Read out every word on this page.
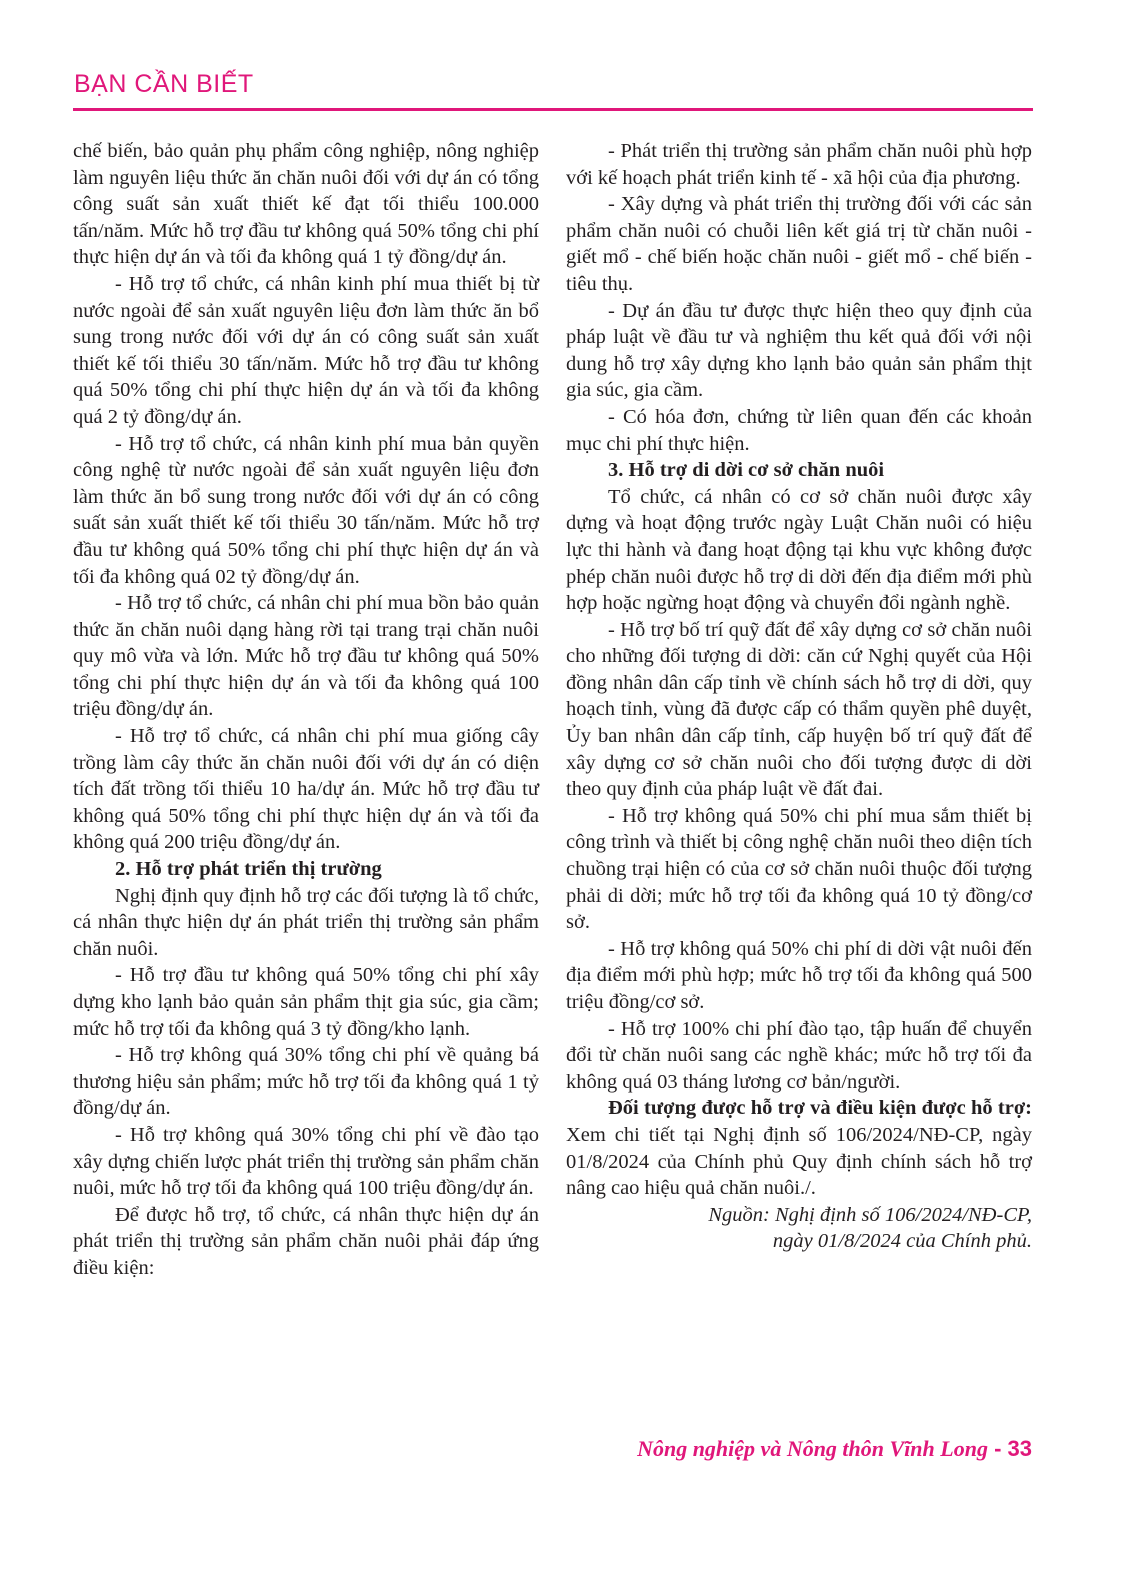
BẠN CẦN BIẾT

chế biến, bảo quản phụ phẩm công nghiệp, nông nghiệp làm nguyên liệu thức ăn chăn nuôi đối với dự án có tổng công suất sản xuất thiết kế đạt tối thiểu 100.000 tấn/năm. Mức hỗ trợ đầu tư không quá 50% tổng chi phí thực hiện dự án và tối đa không quá 1 tỷ đồng/dự án.

- Hỗ trợ tổ chức, cá nhân kinh phí mua thiết bị từ nước ngoài để sản xuất nguyên liệu đơn làm thức ăn bổ sung trong nước đối với dự án có công suất sản xuất thiết kế tối thiểu 30 tấn/năm. Mức hỗ trợ đầu tư không quá 50% tổng chi phí thực hiện dự án và tối đa không quá 2 tỷ đồng/dự án.

- Hỗ trợ tổ chức, cá nhân kinh phí mua bản quyền công nghệ từ nước ngoài để sản xuất nguyên liệu đơn làm thức ăn bổ sung trong nước đối với dự án có công suất sản xuất thiết kế tối thiểu 30 tấn/năm. Mức hỗ trợ đầu tư không quá 50% tổng chi phí thực hiện dự án và tối đa không quá 02 tỷ đồng/dự án.

- Hỗ trợ tổ chức, cá nhân chi phí mua bồn bảo quản thức ăn chăn nuôi dạng hàng rời tại trang trại chăn nuôi quy mô vừa và lớn. Mức hỗ trợ đầu tư không quá 50% tổng chi phí thực hiện dự án và tối đa không quá 100 triệu đồng/dự án.

- Hỗ trợ tổ chức, cá nhân chi phí mua giống cây trồng làm cây thức ăn chăn nuôi đối với dự án có diện tích đất trồng tối thiểu 10 ha/dự án. Mức hỗ trợ đầu tư không quá 50% tổng chi phí thực hiện dự án và tối đa không quá 200 triệu đồng/dự án.

2. Hỗ trợ phát triển thị trường

Nghị định quy định hỗ trợ các đối tượng là tổ chức, cá nhân thực hiện dự án phát triển thị trường sản phẩm chăn nuôi.

- Hỗ trợ đầu tư không quá 50% tổng chi phí xây dựng kho lạnh bảo quản sản phẩm thịt gia súc, gia cầm; mức hỗ trợ tối đa không quá 3 tỷ đồng/kho lạnh.

- Hỗ trợ không quá 30% tổng chi phí về quảng bá thương hiệu sản phẩm; mức hỗ trợ tối đa không quá 1 tỷ đồng/dự án.

- Hỗ trợ không quá 30% tổng chi phí về đào tạo xây dựng chiến lược phát triển thị trường sản phẩm chăn nuôi, mức hỗ trợ tối đa không quá 100 triệu đồng/dự án.

Để được hỗ trợ, tổ chức, cá nhân thực hiện dự án phát triển thị trường sản phẩm chăn nuôi phải đáp ứng điều kiện:

- Phát triển thị trường sản phẩm chăn nuôi phù hợp với kế hoạch phát triển kinh tế - xã hội của địa phương.

- Xây dựng và phát triển thị trường đối với các sản phẩm chăn nuôi có chuỗi liên kết giá trị từ chăn nuôi - giết mổ - chế biến hoặc chăn nuôi - giết mổ - chế biến - tiêu thụ.

- Dự án đầu tư được thực hiện theo quy định của pháp luật về đầu tư và nghiệm thu kết quả đối với nội dung hỗ trợ xây dựng kho lạnh bảo quản sản phẩm thịt gia súc, gia cầm.

- Có hóa đơn, chứng từ liên quan đến các khoản mục chi phí thực hiện.

3. Hỗ trợ di dời cơ sở chăn nuôi

Tổ chức, cá nhân có cơ sở chăn nuôi được xây dựng và hoạt động trước ngày Luật Chăn nuôi có hiệu lực thi hành và đang hoạt động tại khu vực không được phép chăn nuôi được hỗ trợ di dời đến địa điểm mới phù hợp hoặc ngừng hoạt động và chuyển đổi ngành nghề.

- Hỗ trợ bố trí quỹ đất để xây dựng cơ sở chăn nuôi cho những đối tượng di dời: căn cứ Nghị quyết của Hội đồng nhân dân cấp tỉnh về chính sách hỗ trợ di dời, quy hoạch tỉnh, vùng đã được cấp có thẩm quyền phê duyệt, Ủy ban nhân dân cấp tỉnh, cấp huyện bố trí quỹ đất để xây dựng cơ sở chăn nuôi cho đối tượng được di dời theo quy định của pháp luật về đất đai.

- Hỗ trợ không quá 50% chi phí mua sắm thiết bị công trình và thiết bị công nghệ chăn nuôi theo diện tích chuồng trại hiện có của cơ sở chăn nuôi thuộc đối tượng phải di dời; mức hỗ trợ tối đa không quá 10 tỷ đồng/cơ sở.

- Hỗ trợ không quá 50% chi phí di dời vật nuôi đến địa điểm mới phù hợp; mức hỗ trợ tối đa không quá 500 triệu đồng/cơ sở.

- Hỗ trợ 100% chi phí đào tạo, tập huấn để chuyển đổi từ chăn nuôi sang các nghề khác; mức hỗ trợ tối đa không quá 03 tháng lương cơ bản/người.

Đối tượng được hỗ trợ và điều kiện được hỗ trợ: Xem chi tiết tại Nghị định số 106/2024/NĐ-CP, ngày 01/8/2024 của Chính phủ Quy định chính sách hỗ trợ nâng cao hiệu quả chăn nuôi./.

Nguồn: Nghị định số 106/2024/NĐ-CP,

ngày 01/8/2024 của Chính phủ.

Nông nghiệp và Nông thôn Vĩnh Long - 33
